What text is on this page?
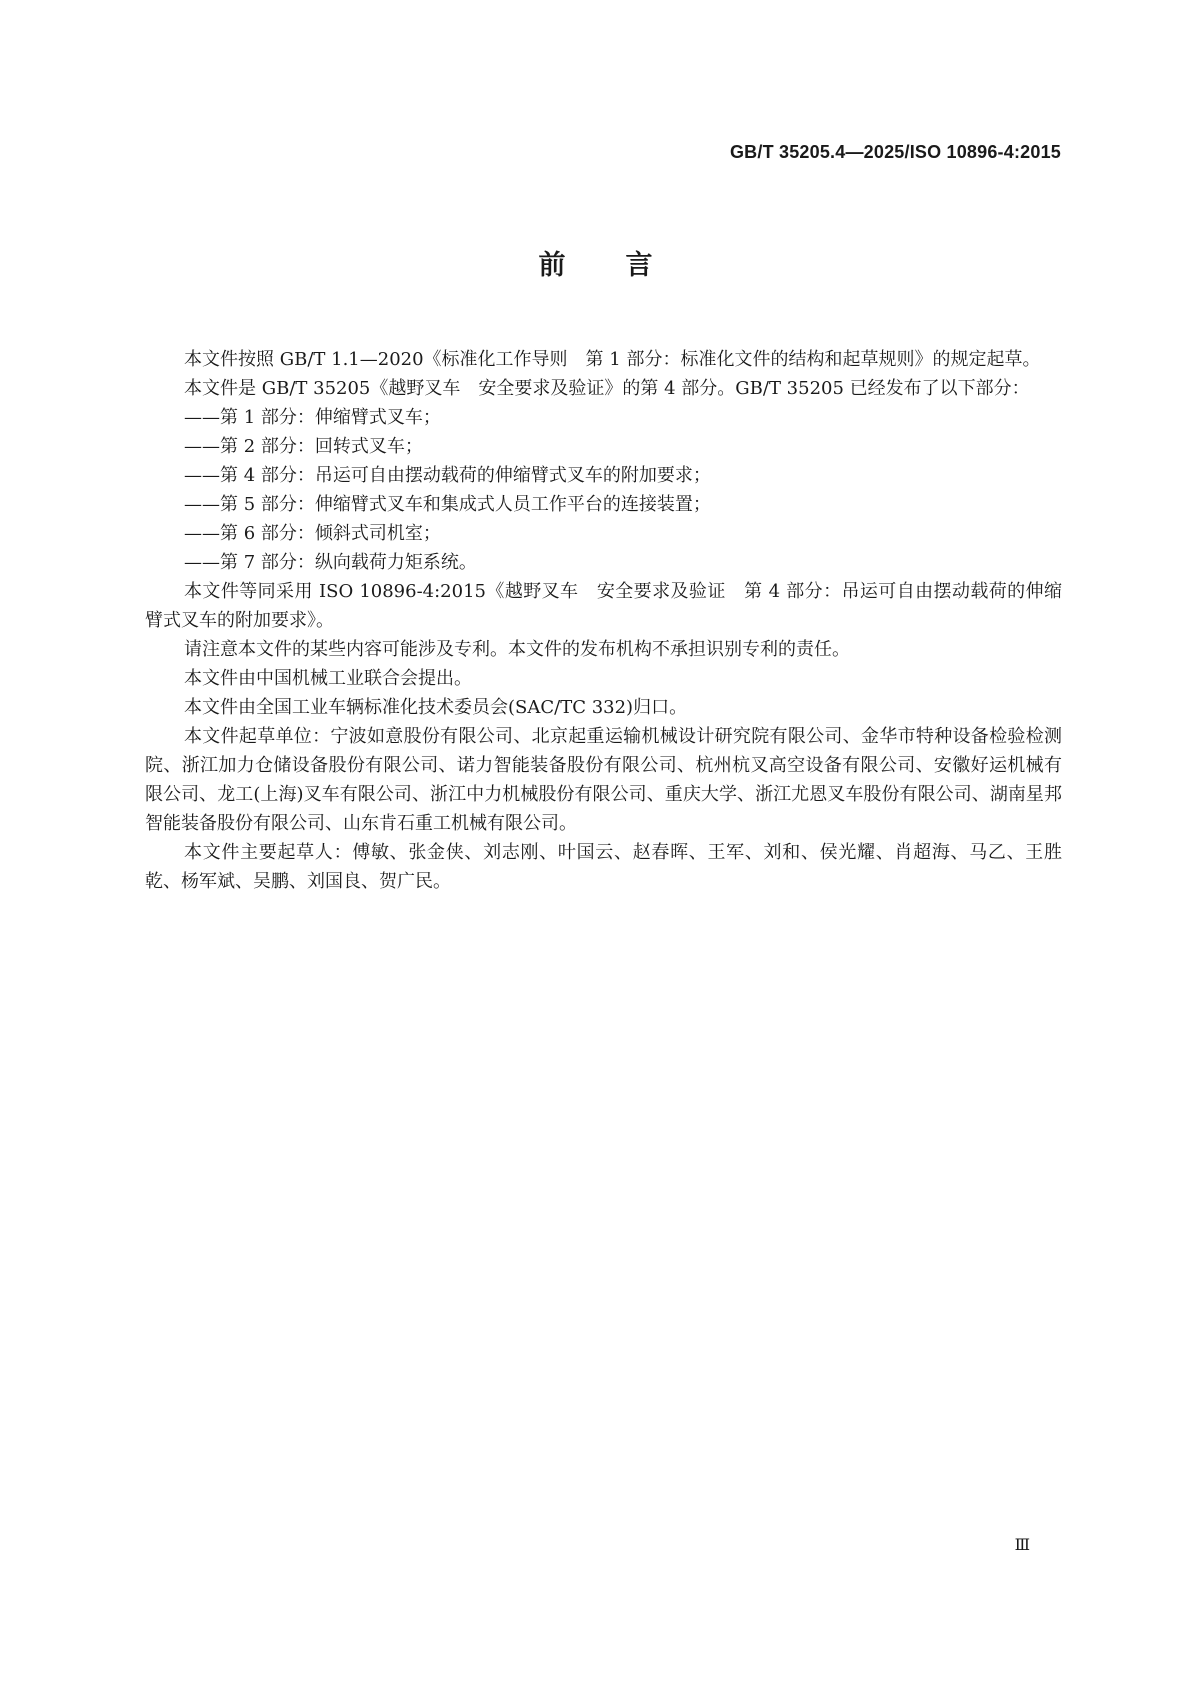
GB/T 35205.4—2025/ISO 10896-4:2015
前言

本文件按照 GB/T 1.1—2020《标准化工作导则　第 1 部分：标准化文件的结构和起草规则》的规定起草。

本文件是 GB/T 35205《越野叉车　安全要求及验证》的第 4 部分。GB/T 35205 已经发布了以下部分：

——第 1 部分：伸缩臂式叉车；

——第 2 部分：回转式叉车；

——第 4 部分：吊运可自由摆动载荷的伸缩臂式叉车的附加要求；

——第 5 部分：伸缩臂式叉车和集成式人员工作平台的连接装置；

——第 6 部分：倾斜式司机室；

——第 7 部分：纵向载荷力矩系统。

本文件等同采用 ISO 10896-4:2015《越野叉车　安全要求及验证　第 4 部分：吊运可自由摆动载荷的伸缩臂式叉车的附加要求》。

请注意本文件的某些内容可能涉及专利。本文件的发布机构不承担识别专利的责任。

本文件由中国机械工业联合会提出。

本文件由全国工业车辆标准化技术委员会(SAC/TC 332)归口。

本文件起草单位：宁波如意股份有限公司、北京起重运输机械设计研究院有限公司、金华市特种设备检验检测院、浙江加力仓储设备股份有限公司、诺力智能装备股份有限公司、杭州杭叉高空设备有限公司、安徽好运机械有限公司、龙工(上海)叉车有限公司、浙江中力机械股份有限公司、重庆大学、浙江尤恩叉车股份有限公司、湖南星邦智能装备股份有限公司、山东肯石重工机械有限公司。

本文件主要起草人：傅敏、张金侠、刘志刚、叶国云、赵春晖、王军、刘和、侯光耀、肖超海、马乙、王胜乾、杨军斌、吴鹏、刘国良、贺广民。

Ⅲ
